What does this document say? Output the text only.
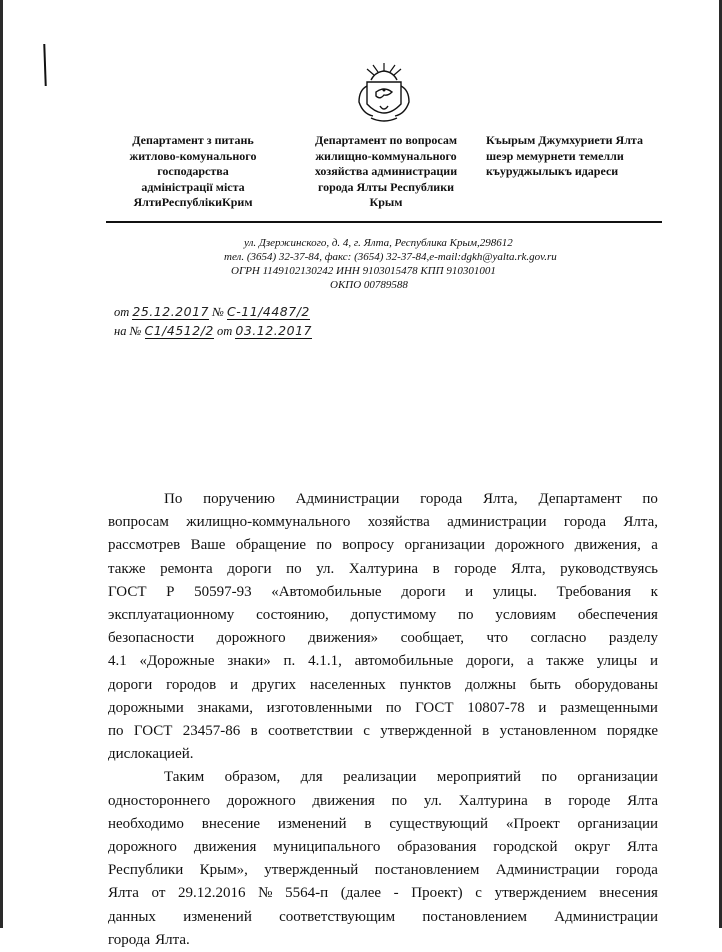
Департамент з питань
житлово-комунального
господарства
адміністрації міста
ЯлтиРеспублікиКрим
Департамент по вопросам
жилищно-коммунального
хозяйства администрации
города Ялты Республики
Крым
Къырым Джумхуриети Ялта
шеэр мемурнети темелли
къуруджылыкъ идареси
ул. Дзержинского, д. 4, г. Ялта, Республика Крым,298612
тел. (3654) 32-37-84, факс: (3654) 32-37-84,e-mail:dgkh@yalta.rk.gov.ru
ОГРН 1149102130242 ИНН 9103015478 КПП 910301001
ОКПО 00789588
от 25.12.2017 № С-11/4487/2
на № С1/4512/2 от 03.12.2017
По поручению Администрации города Ялта, Департамент по
вопросам жилищно-коммунального хозяйства администрации города Ялта,
рассмотрев Ваше обращение по вопросу организации дорожного движения, а
также ремонта дороги по ул. Халтурина в городе Ялта, руководствуясь
ГОСТ Р 50597-93 «Автомобильные дороги и улицы. Требования к
эксплуатационному состоянию, допустимому по условиям обеспечения
безопасности дорожного движения» сообщает, что согласно разделу
4.1 «Дорожные знаки» п. 4.1.1, автомобильные дороги, а также улицы и
дороги городов и других населенных пунктов должны быть оборудованы
дорожными знаками, изготовленными по ГОСТ 10807-78 и размещенными
по ГОСТ 23457-86 в соответствии с утвержденной в установленном порядке
дислокацией.
Таким образом, для реализации мероприятий по организации
одностороннего дорожного движения по ул. Халтурина в городе Ялта
необходимо внесение изменений в существующий «Проект организации
дорожного движения муниципального образования городской округ Ялта
Республики Крым», утвержденный постановлением Администрации города
Ялта от 29.12.2016 № 5564-п (далее - Проект) с утверждением внесения
данных изменений соответствующим постановлением Администрации
города Ялта.
